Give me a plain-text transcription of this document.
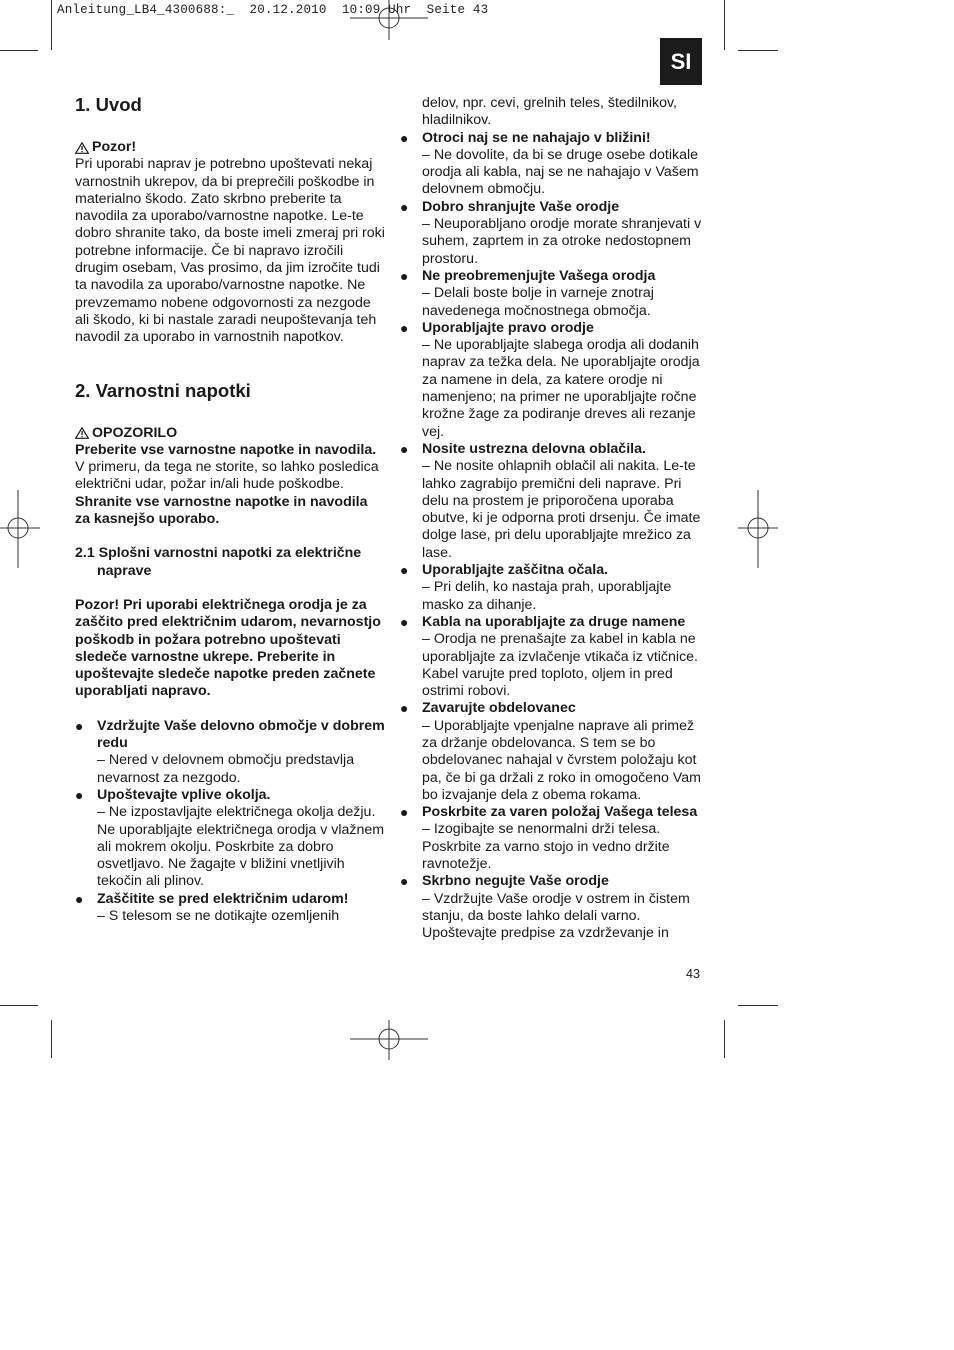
Anleitung_LB4_4300688:_  20.12.2010  10:09 Uhr  Seite 43
SI
1. Uvod
Pozor!

Pri uporabi naprav je potrebno upoštevati nekaj varnostnih ukrepov, da bi preprečili poškodbe in materialno škodo. Zato skrbno preberite ta navodila za uporabo/varnostne napotke. Le-te dobro shranite tako, da boste imeli zmeraj pri roki potrebne informacije. Če bi napravo izročili drugim osebam, Vas prosimo, da jim izročite tudi ta navodila za uporabo/varnostne napotke. Ne prevzemamo nobene odgovornosti za nezgode ali škodo, ki bi nastale zaradi neupoštevanja teh navodil za uporabo in varnostnih napotkov.

2. Varnostni napotki
OPOZORILO

Preberite vse varnostne napotke in navodila. V primeru, da tega ne storite, so lahko posledica električni udar, požar in/ali hude poškodbe.

Shranite vse varnostne napotke in navodila za kasnejšo uporabo.

2.1 Splošni varnostni napotki za električne

naprave

Pozor! Pri uporabi električnega orodja je za zaščito pred električnim udarom, nevarnostjo poškodb in požara potrebno upoštevati sledeče varnostne ukrepe. Preberite in upoštevajte sledeče napotke preden začnete uporabljati napravo.

● Vzdržujte Vaše delovno območje v dobrem redu
– Nered v delovnem območju predstavlja nevarnost za nezgodo.
● Upoštevajte vplive okolja.
– Ne izpostavljajte električnega okolja dežju. Ne uporabljajte električnega orodja v vlažnem ali mokrem okolju. Poskrbite za dobro osvetljavo. Ne žagajte v bližini vnetljivih tekočin ali plinov.
● Zaščitite se pred električnim udarom!
– S telesom se ne dotikajte ozemljenih
delov, npr. cevi, grelnih teles, štedilnikov, hladilnikov.
● Otroci naj se ne nahajajo v bližini!
– Ne dovolite, da bi se druge osebe dotikale orodja ali kabla, naj se ne nahajajo v Vašem delovnem območju.
● Dobro shranjujte Vaše orodje
– Neuporabljano orodje morate shranjevati v suhem, zaprtem in za otroke nedostopnem prostoru.
● Ne preobremenjujte Vašega orodja
– Delali boste bolje in varneje znotraj navedenega močnostnega območja.
● Uporabljajte pravo orodje
– Ne uporabljajte slabega orodja ali dodanih naprav za težka dela. Ne uporabljajte orodja za namene in dela, za katere orodje ni namenjeno; na primer ne uporabljajte ročne krožne žage za podiranje dreves ali rezanje vej.
● Nosite ustrezna delovna oblačila.
– Ne nosite ohlapnih oblačil ali nakita. Le-te lahko zagrabijo premični deli naprave. Pri delu na prostem je priporočena uporaba obutve, ki je odporna proti drsenju. Če imate dolge lase, pri delu uporabljajte mrežico za lase.
● Uporabljajte zaščitna očala.
– Pri delih, ko nastaja prah, uporabljajte masko za dihanje.
● Kabla na uporabljajte za druge namene
– Orodja ne prenašajte za kabel in kabla ne uporabljajte za izvlačenje vtikača iz vtičnice. Kabel varujte pred toploto, oljem in pred ostrimi robovi.
● Zavarujte obdelovanec
– Uporabljajte vpenjalne naprave ali primež za držanje obdelovanca. S tem se bo obdelovanec nahajal v čvrstem položaju kot pa, če bi ga držali z roko in omogočeno Vam bo izvajanje dela z obema rokama.
● Poskrbite za varen položaj Vašega telesa
– Izogibajte se nenormalni drži telesa. Poskrbite za varno stojo in vedno držite ravnotežje.
● Skrbno negujte Vaše orodje
– Vzdržujte Vaše orodje v ostrem in čistem stanju, da boste lahko delali varno. Upoštevajte predpise za vzdrževanje in
43
